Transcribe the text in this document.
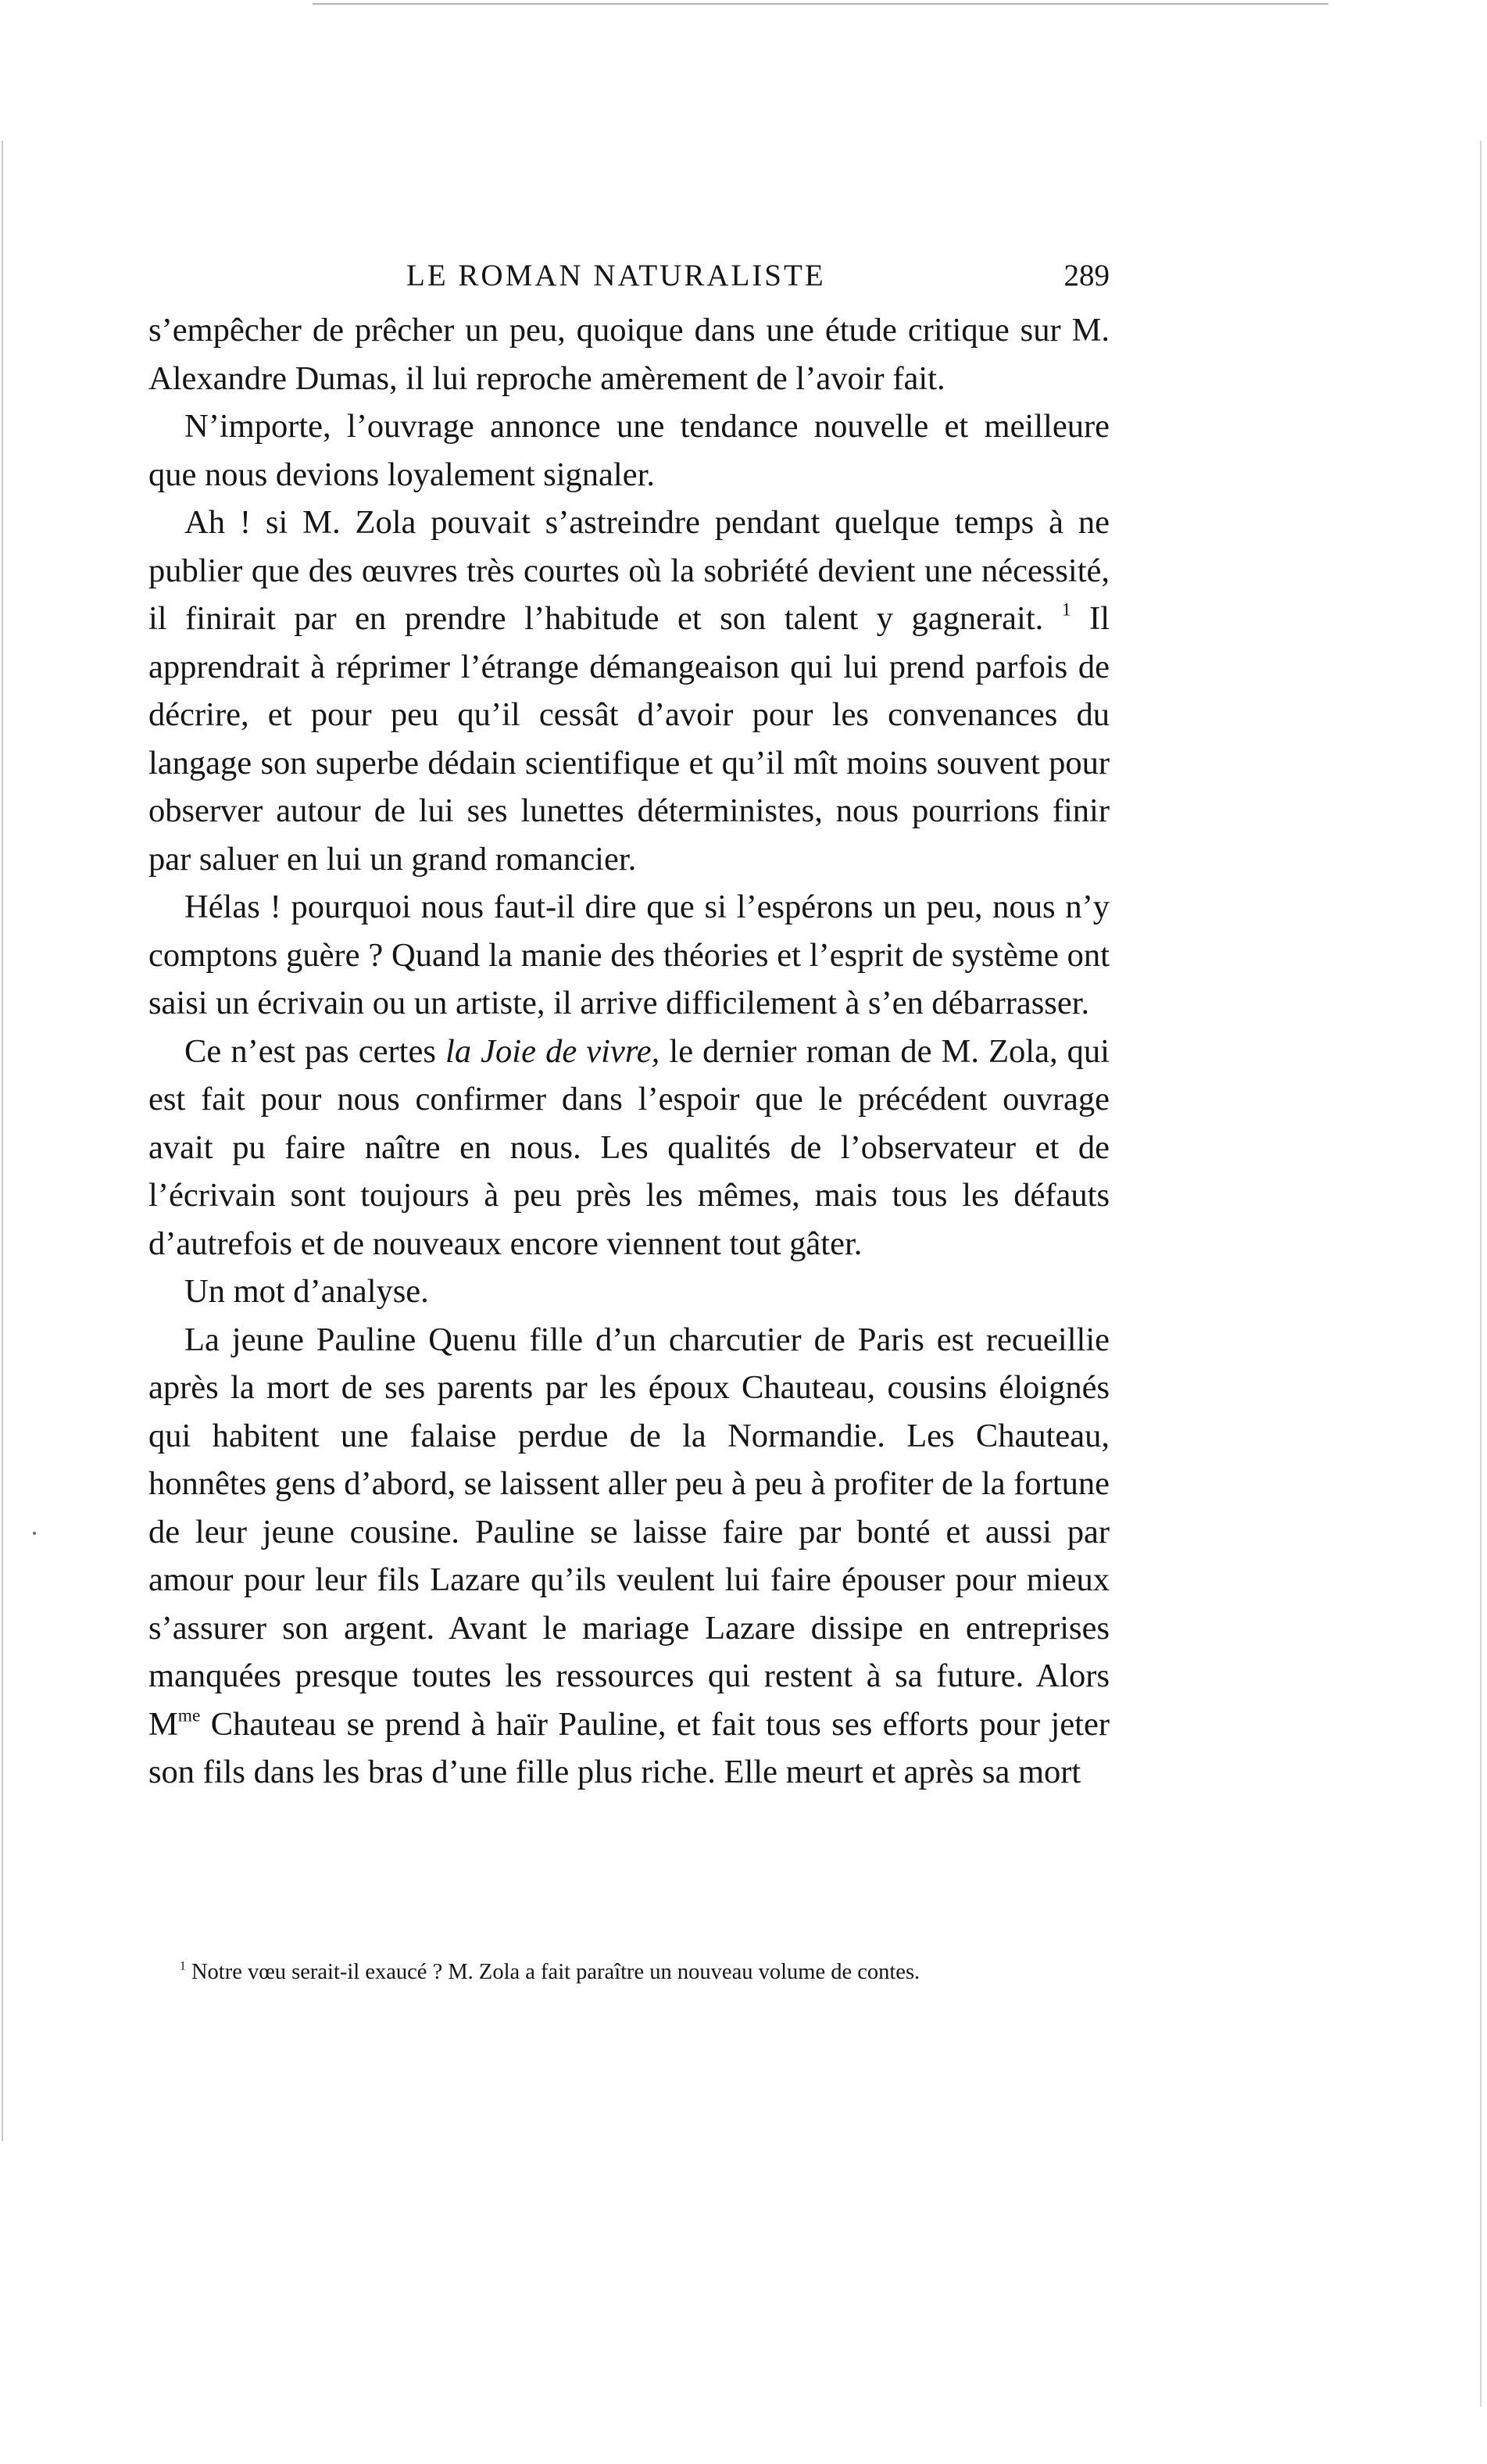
LE ROMAN NATURALISTE	289

s’empêcher de prêcher un peu, quoique dans une étude critique sur M. Alexandre Dumas, il lui reproche amèrement de l’avoir fait.

N’importe, l’ouvrage annonce une tendance nouvelle et meilleure que nous devions loyalement signaler.

Ah ! si M. Zola pouvait s’astreindre pendant quelque temps à ne publier que des œuvres très courtes où la sobriété devient une nécessité, il finirait par en prendre l’habitude et son talent y gagnerait. $^1$ Il apprendrait à réprimer l’étrange démangeaison qui lui prend parfois de décrire, et pour peu qu’il cessât d’avoir pour les convenances du langage son superbe dédain scientifique et qu’il mît moins souvent pour observer autour de lui ses lunettes déterministes, nous pourrions finir par saluer en lui un grand romancier.

Hélas ! pourquoi nous faut-il dire que si l’espérons un peu, nous n’y comptons guère ? Quand la manie des théories et l’esprit de système ont saisi un écrivain ou un artiste, il arrive difficilement à s’en débarrasser.

Ce n’est pas certes la Joie de vivre, le dernier roman de M. Zola, qui est fait pour nous confirmer dans l’espoir que le précédent ouvrage avait pu faire naître en nous. Les qualités de l’observateur et de l’écrivain sont toujours à peu près les mêmes, mais tous les défauts d’autrefois et de nouveaux encore viennent tout gâter.

Un mot d’analyse.

La jeune Pauline Quenu fille d’un charcutier de Paris est recueillie après la mort de ses parents par les époux Chauteau, cousins éloignés qui habitent une falaise perdue de la Normandie. Les Chauteau, honnêtes gens d’abord, se laissent aller peu à peu à profiter de la fortune de leur jeune cousine. Pauline se laisse faire par bonté et aussi par amour pour leur fils Lazare qu’ils veulent lui faire épouser pour mieux s’assurer son argent. Avant le mariage Lazare dissipe en entreprises manquées presque toutes les ressources qui restent à sa future. Alors $M^{me}$ Chauteau se prend à haïr Pauline, et fait tous ses efforts pour jeter son fils dans les bras d’une fille plus riche. Elle meurt et après sa mort

$^1$ Notre vœu serait-il exaucé ? M. Zola a fait paraître un nouveau volume de contes.
